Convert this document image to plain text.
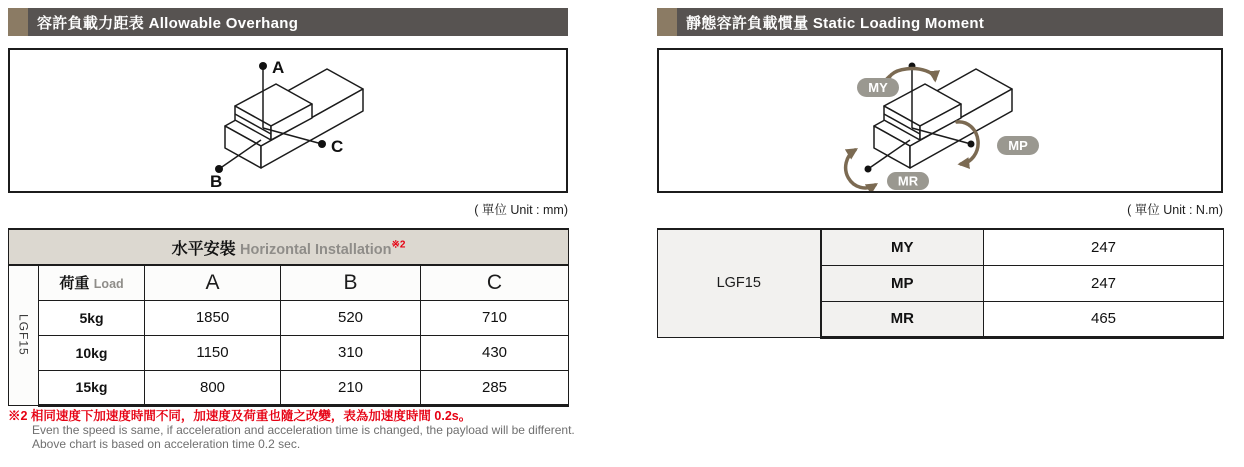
容許負載力距表 Allowable Overhang
A
B
C
( 單位 Unit : mm)
水平安裝 Horizontal Installation$^{※2}$
LGF15	荷重 Load	A	B	C
	5kg	1850	520	710
	10kg	1150	310	430
	15kg	800	210	285
※2 相同速度下加速度時間不同，加速度及荷重也隨之改變，表為加速度時間 0.2s。
Even the speed is same, if acceleration and acceleration time is changed, the payload will be different.
Above chart is based on acceleration time 0.2 sec.
靜態容許負載慣量 Static Loading Moment
MY
MP
MR
( 單位 Unit : N.m)
LGF15	MY	247
	MP	247
	MR	465
